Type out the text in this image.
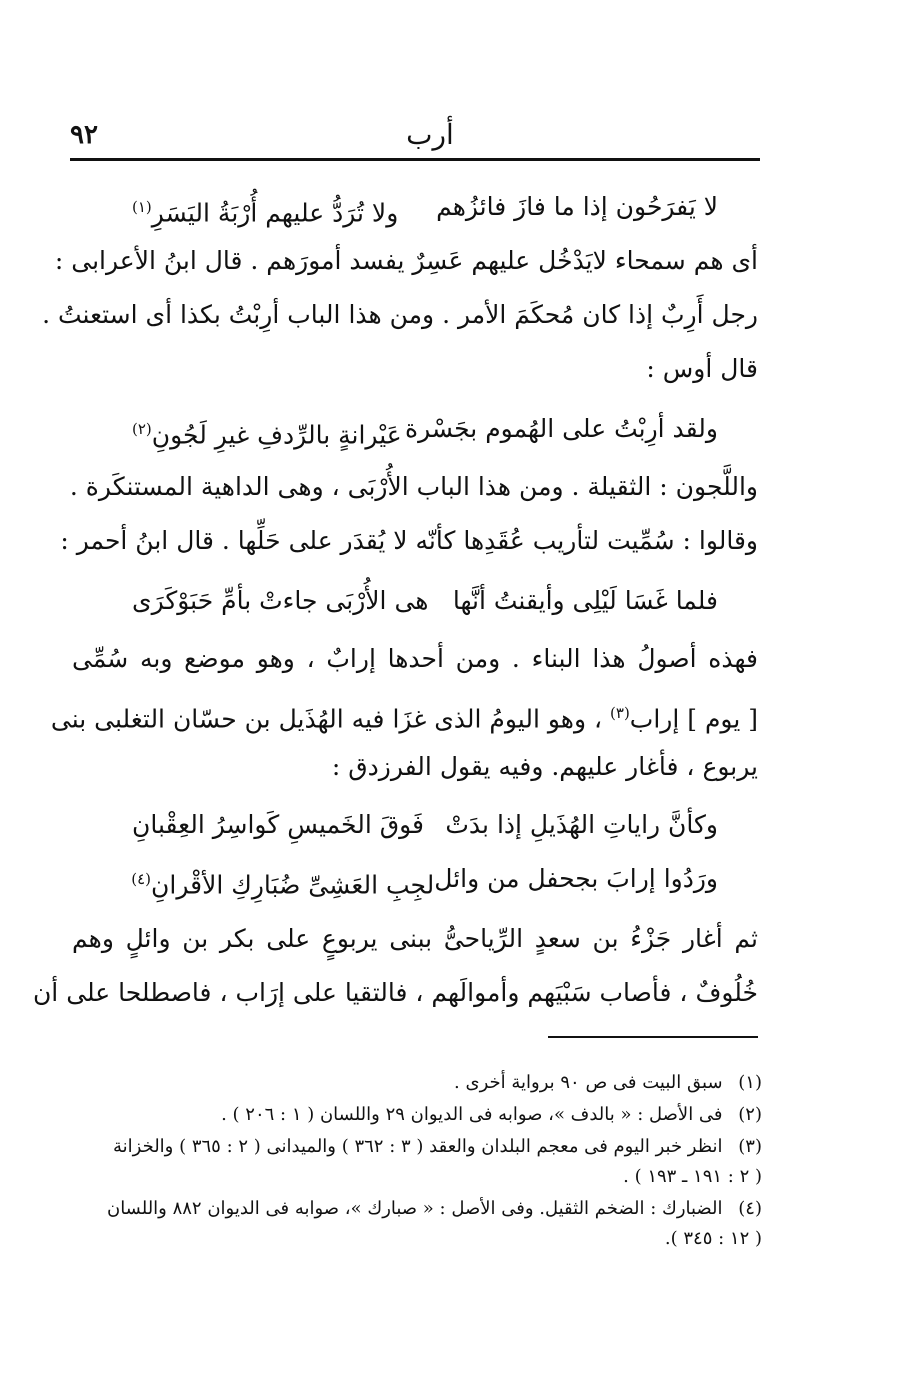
٩٢	أرب
لا يَفرَحُون إذا ما فازَ فائزُهم
ولا تُرَدُّ عليهم أُرْبَةُ اليَسَرِ$^{(١)}$
أى هم سمحاء لايَدْخُل عليهم عَسِرٌ يفسد أمورَهم . قال ابنُ الأعرابى :
رجل أَرِبٌ إذا كان مُحكَمَ الأمر . ومن هذا الباب أرِبْتُ بكذا أى استعنتُ .
قال أوس :
ولقد أرِبْتُ على الهُموم بجَسْرة
عَيْرانةٍ بالرِّدفِ غيرِ لَجُونِ$^{(٢)}$
واللَّجون : الثقيلة . ومن هذا الباب الأُرْبَى ، وهى الداهية المستنكَرة .
وقالوا : سُمِّيت لتأريب عُقَدِها كأنّه لا يُقدَر على حَلِّها . قال ابنُ أحمر :
فلما غَسَا لَيْلِى وأيقنتُ أنَّها
هى الأُرْبَى جاءتْ بأمِّ حَبَوْكَرَى
فهذه أصولُ هذا البناء . ومن أحدها إرابٌ ، وهو موضع وبه سُمِّى
[ يوم ] إراب$^{(٣)}$ ، وهو اليومُ الذى غزَا فيه الهُذَيل بن حسّان التغلبى بنى
يربوع ، فأغار عليهم. وفيه يقول الفرزدق :
وكأنَّ راياتِ الهُذَيلِ إذا بدَتْ
فَوقَ الخَميسِ كَواسِرُ العِقْبانِ
ورَدُوا إرابَ بجحفل من وائل
لجِبِ العَشِىِّ ضُبَارِكِ الأقْرانِ$^{(٤)}$
ثم أغار جَزْءُ بن سعدٍ الرِّياحىُّ ببنى يربوعٍ على بكر بن وائلٍ وهم
خُلُوفٌ ، فأصاب سَبْيَهم وأموالَهم ، فالتقيا على إرَاب ، فاصطلحا على أن
(١) سبق البيت فى ص ٩٠ برواية أخرى .
(٢) فى الأصل : « بالدف »، صوابه فى الديوان ٢٩ واللسان ( ١ : ٢٠٦ ) .
(٣) انظر خبر اليوم فى معجم البلدان والعقد ( ٣ : ٣٦٢ ) والميدانى ( ٢ : ٣٦٥ ) والخزانة
( ٢ : ١٩١ ـ ١٩٣ ) .
(٤) الضبارك : الضخم الثقيل. وفى الأصل : « صبارك »، صوابه فى الديوان ٨٨٢ واللسان
( ١٢ : ٣٤٥ ).
